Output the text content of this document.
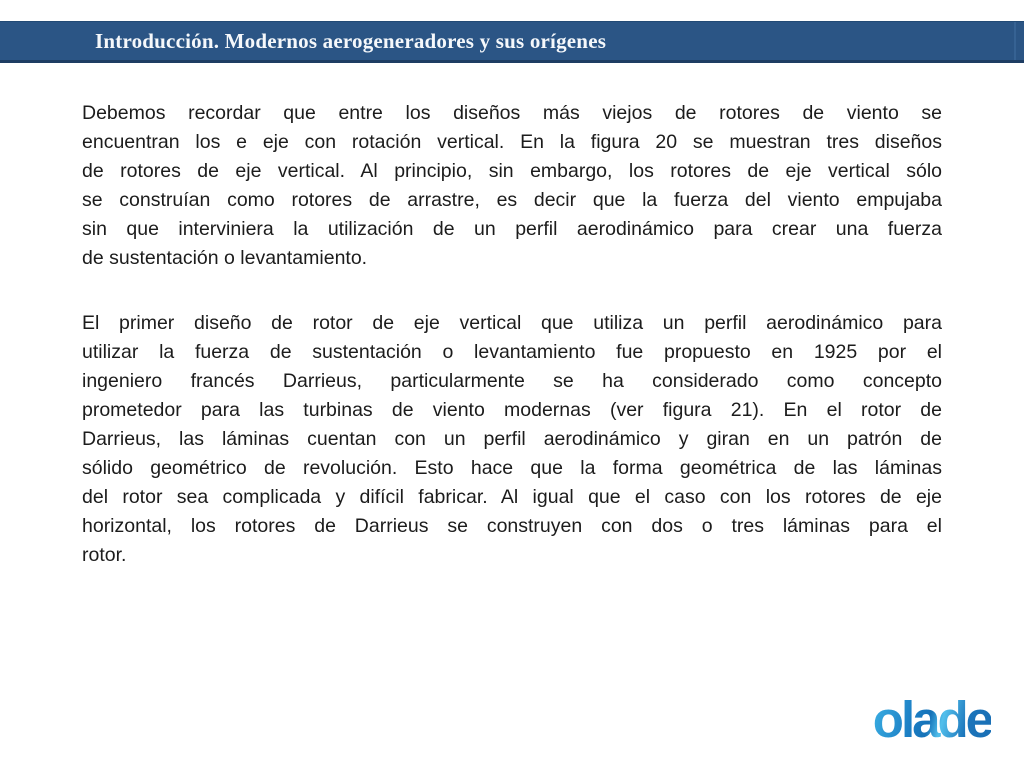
Introducción. Modernos aerogeneradores y sus orígenes
Debemos recordar que entre los diseños más viejos de rotores de viento se
encuentran los e eje con rotación vertical. En la figura 20 se muestran tres diseños
de rotores de eje vertical. Al principio, sin embargo, los rotores de eje vertical sólo
se construían como rotores de arrastre, es decir que la fuerza del viento empujaba
sin que interviniera la utilización de un perfil aerodinámico para crear una fuerza
de sustentación o levantamiento.
El primer diseño de rotor de eje vertical que utiliza un perfil aerodinámico para
utilizar la fuerza de sustentación o levantamiento fue propuesto en 1925 por el
ingeniero francés Darrieus, particularmente se ha considerado como concepto
prometedor para las turbinas de viento modernas (ver figura 21). En el rotor de
Darrieus, las láminas cuentan con un perfil aerodinámico y giran en un patrón de
sólido geométrico de revolución. Esto hace que la forma geométrica de las láminas
del rotor sea complicada y difícil fabricar. Al igual que el caso con los rotores de eje
horizontal, los rotores de Darrieus se construyen con dos o tres láminas para el
rotor.
olade
